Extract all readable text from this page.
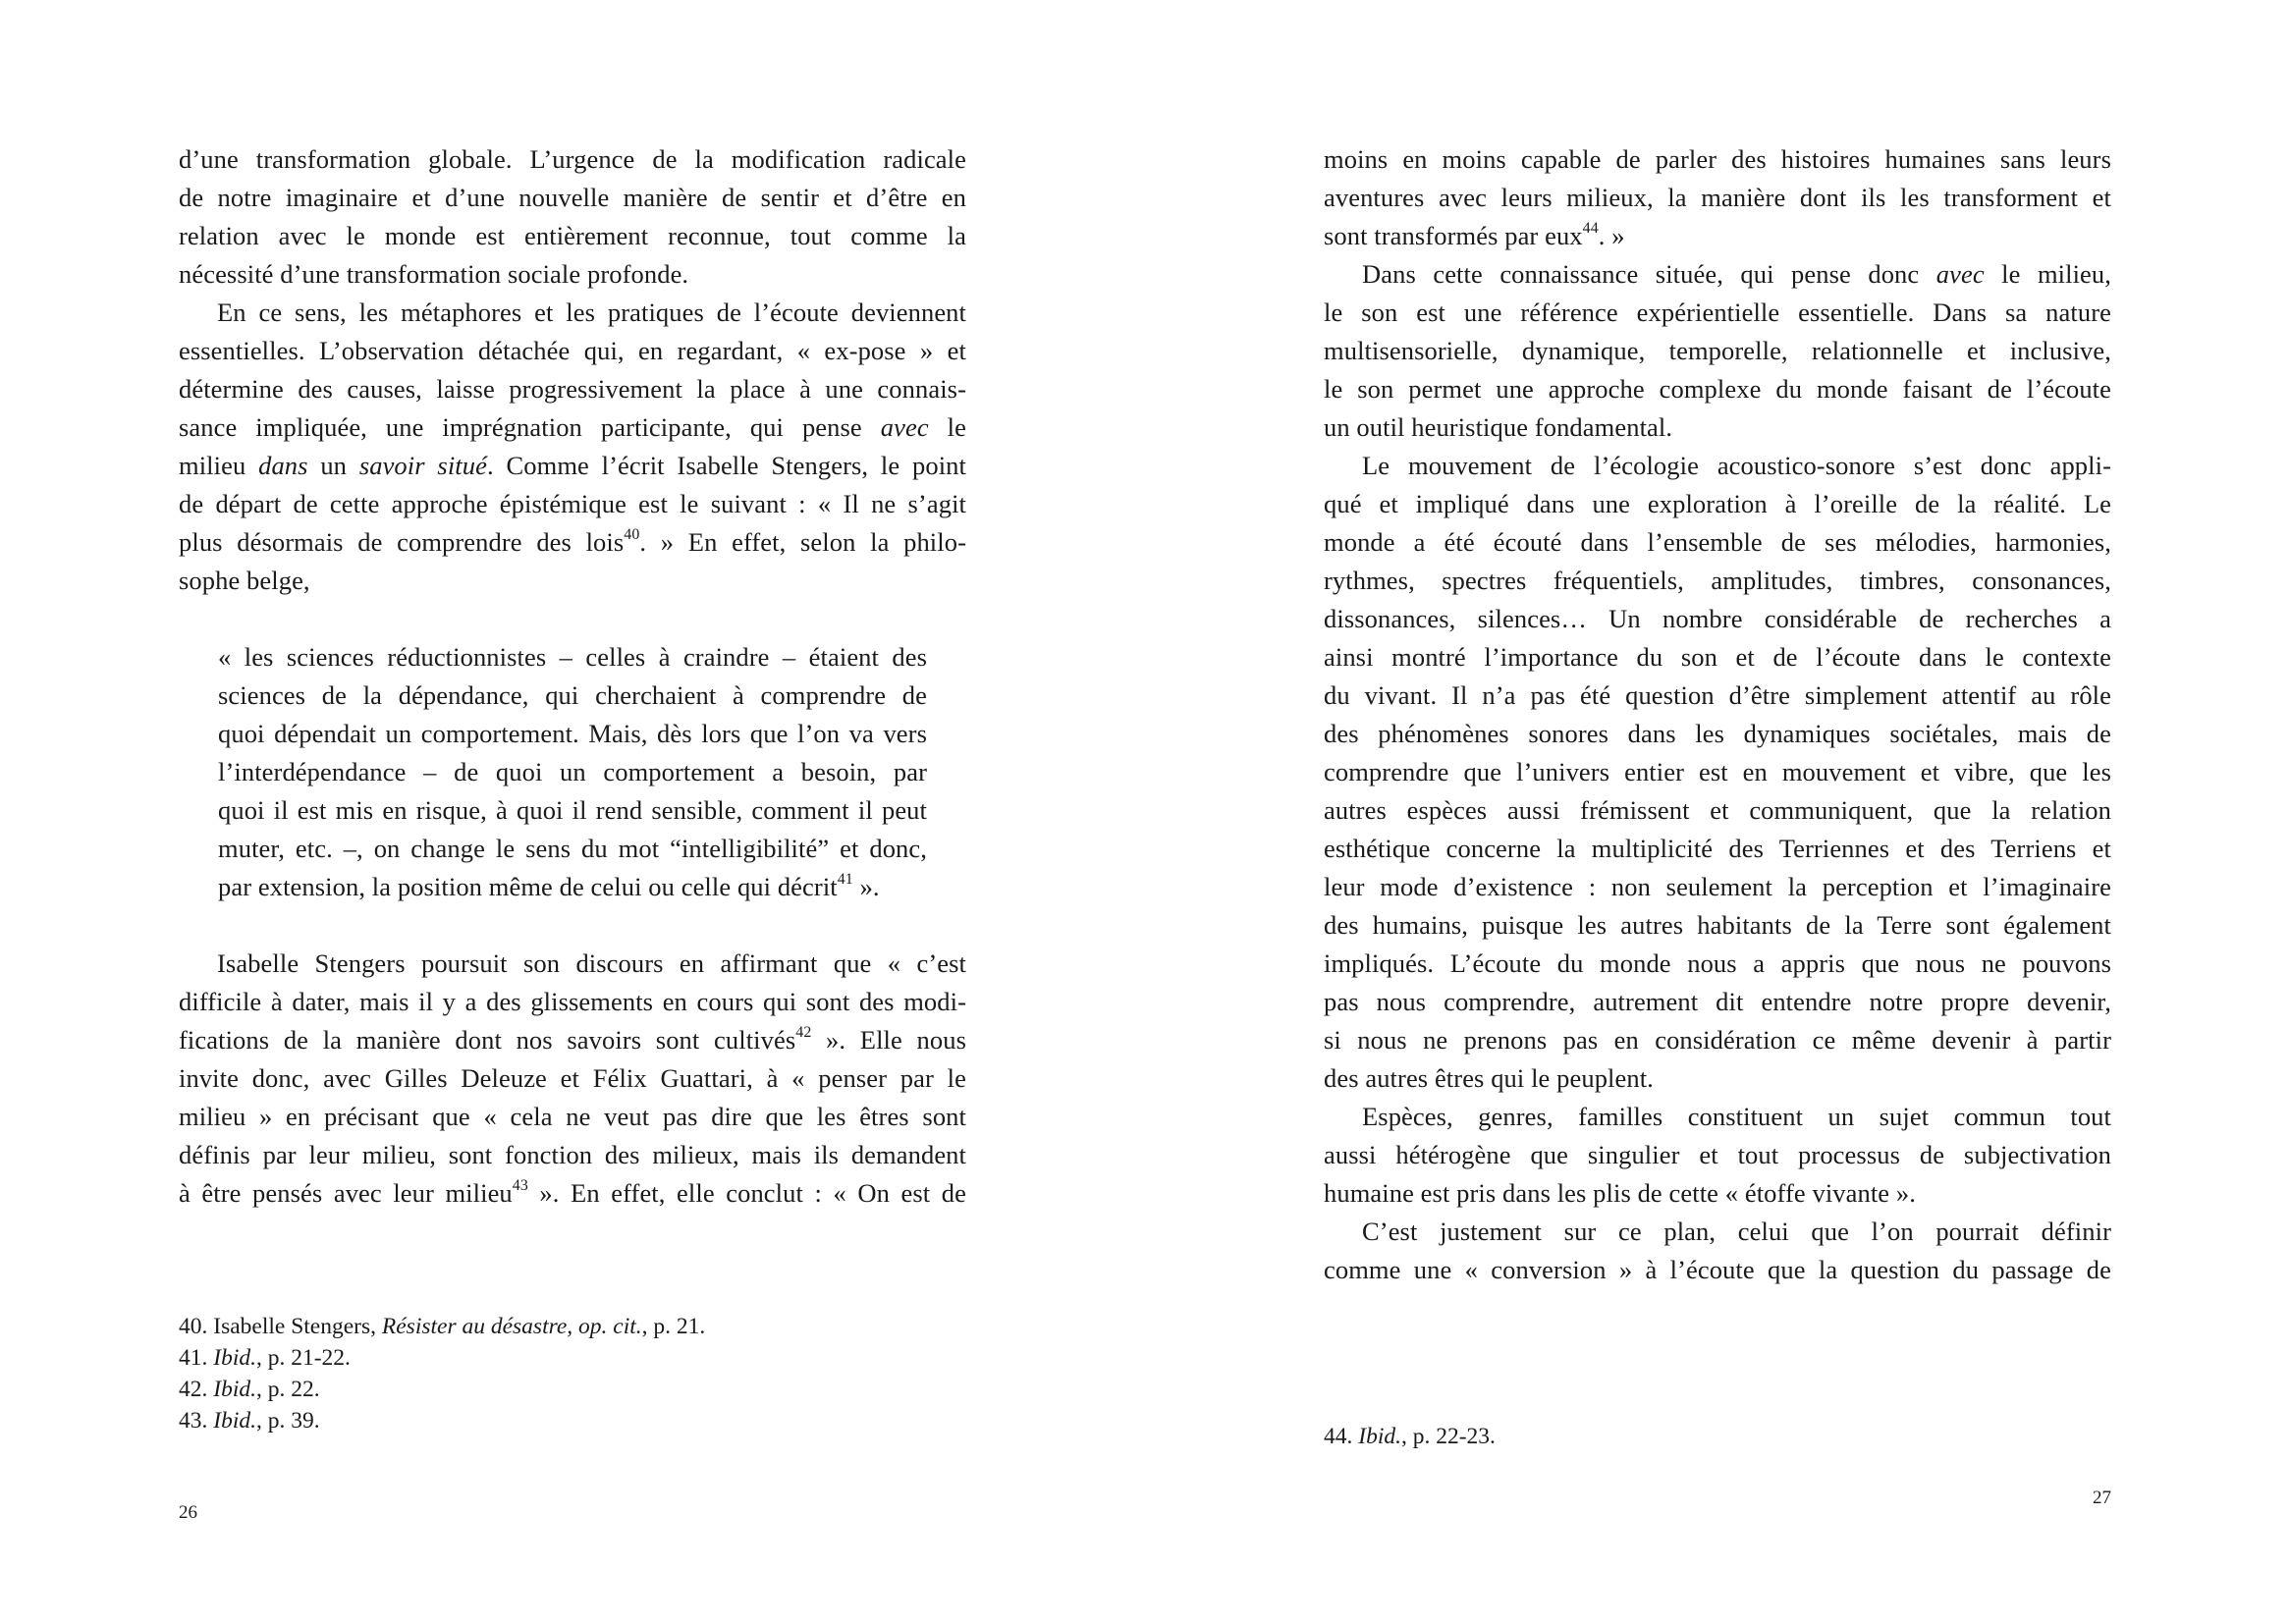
d’une transformation globale. L’urgence de la modification radicale
de notre imaginaire et d’une nouvelle manière de sentir et d’être en
relation avec le monde est entièrement reconnue, tout comme la
nécessité d’une transformation sociale profonde.
En ce sens, les métaphores et les pratiques de l’écoute deviennent
essentielles. L’observation détachée qui, en regardant, « ex-pose » et
détermine des causes, laisse progressivement la place à une connais-
sance impliquée, une imprégnation participante, qui pense avec le
milieu dans un savoir situé. Comme l’écrit Isabelle Stengers, le point
de départ de cette approche épistémique est le suivant : « Il ne s’agit
plus désormais de comprendre des lois$^{40}$. » En effet, selon la philo-
sophe belge,
« les sciences réductionnistes – celles à craindre – étaient des
sciences de la dépendance, qui cherchaient à comprendre de
quoi dépendait un comportement. Mais, dès lors que l’on va vers
l’interdépendance – de quoi un comportement a besoin, par
quoi il est mis en risque, à quoi il rend sensible, comment il peut
muter, etc. –, on change le sens du mot “intelligibilité” et donc,
par extension, la position même de celui ou celle qui décrit$^{41}$ ».
Isabelle Stengers poursuit son discours en affirmant que « c’est
difficile à dater, mais il y a des glissements en cours qui sont des modi-
fications de la manière dont nos savoirs sont cultivés$^{42}$ ». Elle nous
invite donc, avec Gilles Deleuze et Félix Guattari, à « penser par le
milieu » en précisant que « cela ne veut pas dire que les êtres sont
définis par leur milieu, sont fonction des milieux, mais ils demandent
à être pensés avec leur milieu$^{43}$ ». En effet, elle conclut : « On est de
40. Isabelle Stengers, Résister au désastre, op. cit., p. 21.
41. Ibid., p. 21-22.
42. Ibid., p. 22.
43. Ibid., p. 39.
26
moins en moins capable de parler des histoires humaines sans leurs
aventures avec leurs milieux, la manière dont ils les transforment et
sont transformés par eux$^{44}$. »
Dans cette connaissance située, qui pense donc avec le milieu,
le son est une référence expérientielle essentielle. Dans sa nature
multisensorielle, dynamique, temporelle, relationnelle et inclusive,
le son permet une approche complexe du monde faisant de l’écoute
un outil heuristique fondamental.
Le mouvement de l’écologie acoustico-sonore s’est donc appli-
qué et impliqué dans une exploration à l’oreille de la réalité. Le
monde a été écouté dans l’ensemble de ses mélodies, harmonies,
rythmes, spectres fréquentiels, amplitudes, timbres, consonances,
dissonances, silences… Un nombre considérable de recherches a
ainsi montré l’importance du son et de l’écoute dans le contexte
du vivant. Il n’a pas été question d’être simplement attentif au rôle
des phénomènes sonores dans les dynamiques sociétales, mais de
comprendre que l’univers entier est en mouvement et vibre, que les
autres espèces aussi frémissent et communiquent, que la relation
esthétique concerne la multiplicité des Terriennes et des Terriens et
leur mode d’existence : non seulement la perception et l’imaginaire
des humains, puisque les autres habitants de la Terre sont également
impliqués. L’écoute du monde nous a appris que nous ne pouvons
pas nous comprendre, autrement dit entendre notre propre devenir,
si nous ne prenons pas en considération ce même devenir à partir
des autres êtres qui le peuplent.
Espèces, genres, familles constituent un sujet commun tout
aussi hétérogène que singulier et tout processus de subjectivation
humaine est pris dans les plis de cette « étoffe vivante ».
C’est justement sur ce plan, celui que l’on pourrait définir
comme une « conversion » à l’écoute que la question du passage de
44. Ibid., p. 22-23.
27
